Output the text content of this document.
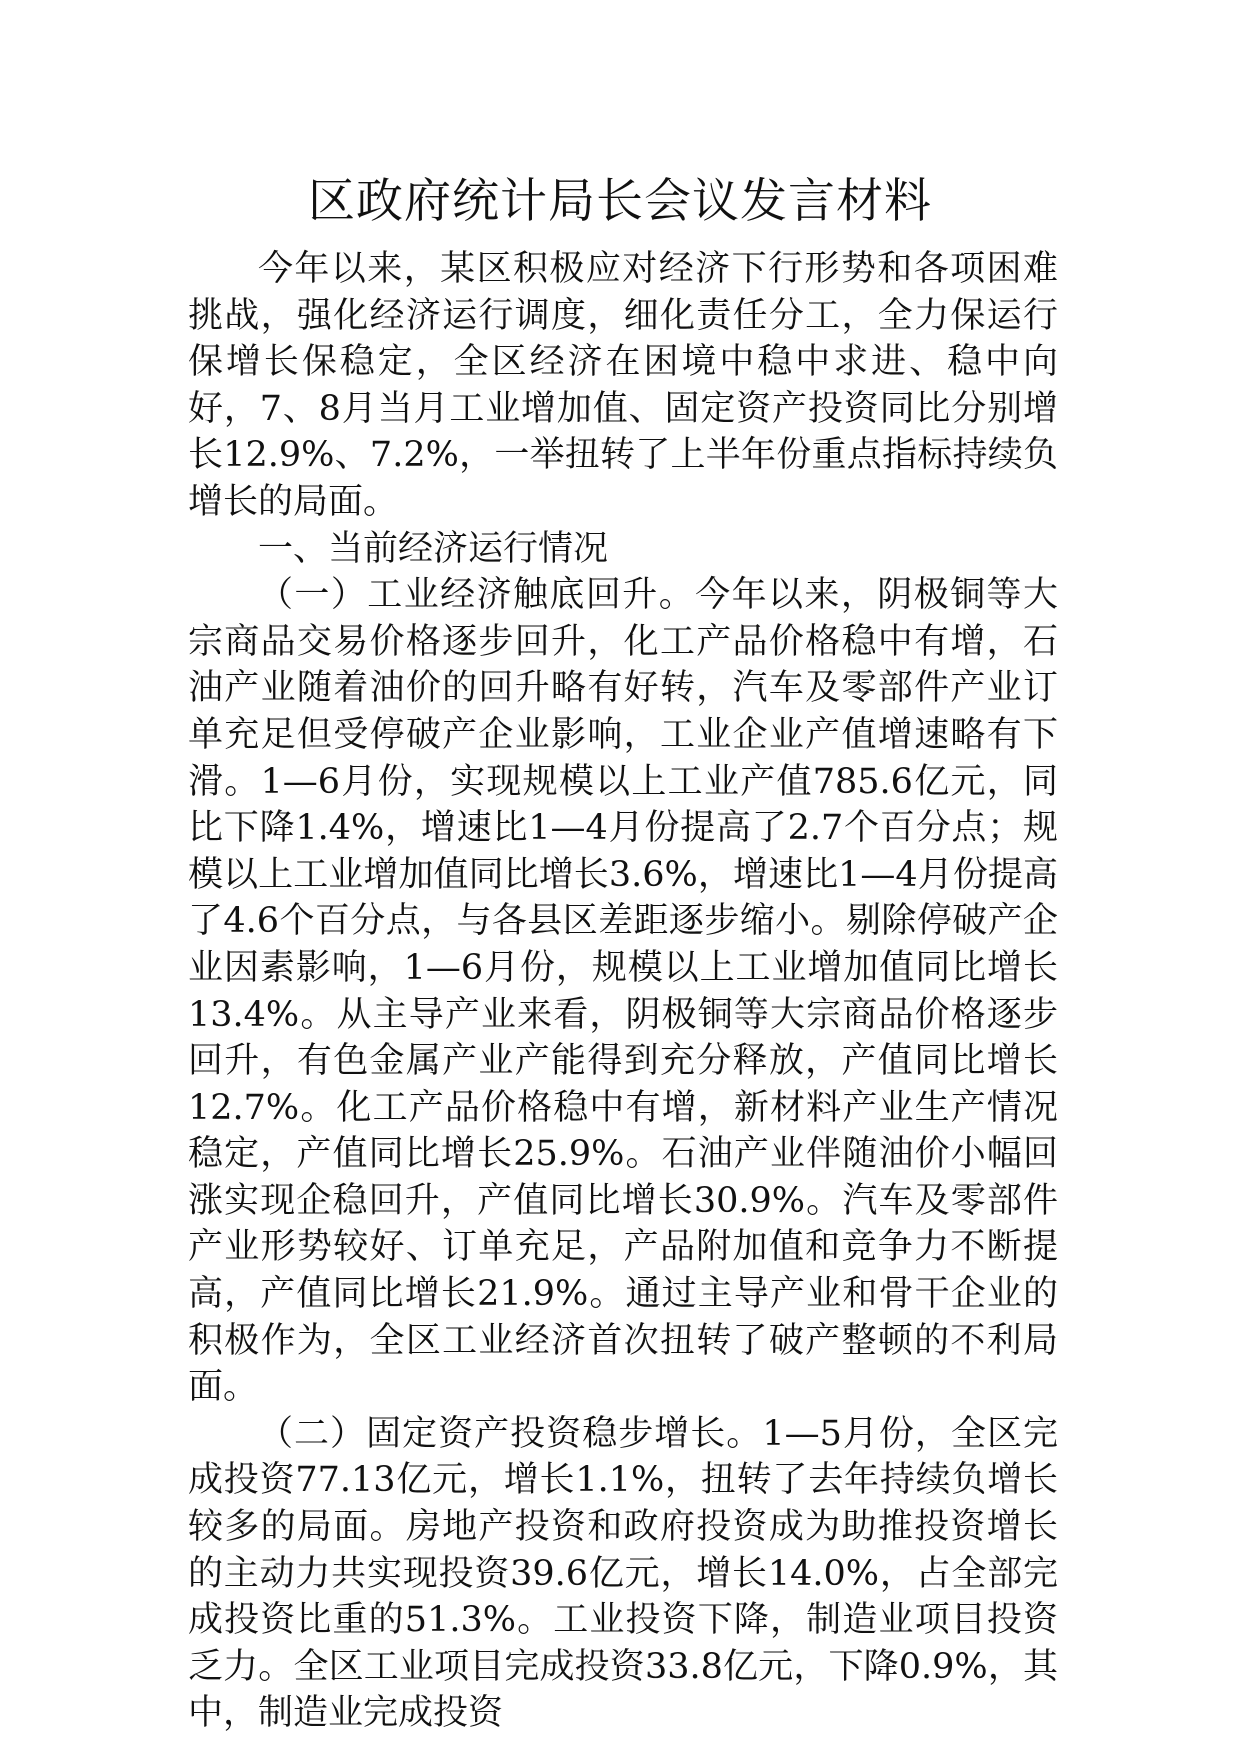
区政府统计局长会议发言材料

今年以来，某区积极应对经济下行形势和各项困难挑战，强化经济运行调度，细化责任分工，全力保运行保增长保稳定，全区经济在困境中稳中求进、稳中向好，7、8月当月工业增加值、固定资产投资同比分别增长12.9%、7.2%，一举扭转了上半年份重点指标持续负增长的局面。

一、当前经济运行情况

（一）工业经济触底回升。今年以来，阴极铜等大宗商品交易价格逐步回升，化工产品价格稳中有增，石油产业随着油价的回升略有好转，汽车及零部件产业订单充足但受停破产企业影响，工业企业产值增速略有下滑。1—6月份，实现规模以上工业产值785.6亿元，同比下降1.4%，增速比1—4月份提高了2.7个百分点；规模以上工业增加值同比增长3.6%，增速比1—4月份提高了4.6个百分点，与各县区差距逐步缩小。剔除停破产企业因素影响，1—6月份，规模以上工业增加值同比增长13.4%。从主导产业来看，阴极铜等大宗商品价格逐步回升，有色金属产业产能得到充分释放，产值同比增长12.7%。化工产品价格稳中有增，新材料产业生产情况稳定，产值同比增长25.9%。石油产业伴随油价小幅回涨实现企稳回升，产值同比增长30.9%。汽车及零部件产业形势较好、订单充足，产品附加值和竞争力不断提高，产值同比增长21.9%。通过主导产业和骨干企业的积极作为，全区工业经济首次扭转了破产整顿的不利局面。

（二）固定资产投资稳步增长。1—5月份，全区完成投资77.13亿元，增长1.1%，扭转了去年持续负增长较多的局面。房地产投资和政府投资成为助推投资增长的主动力共实现投资39.6亿元，增长14.0%，占全部完成投资比重的51.3%。工业投资下降，制造业项目投资乏力。全区工业项目完成投资33.8亿元，下降0.9%，其中，制造业完成投资
